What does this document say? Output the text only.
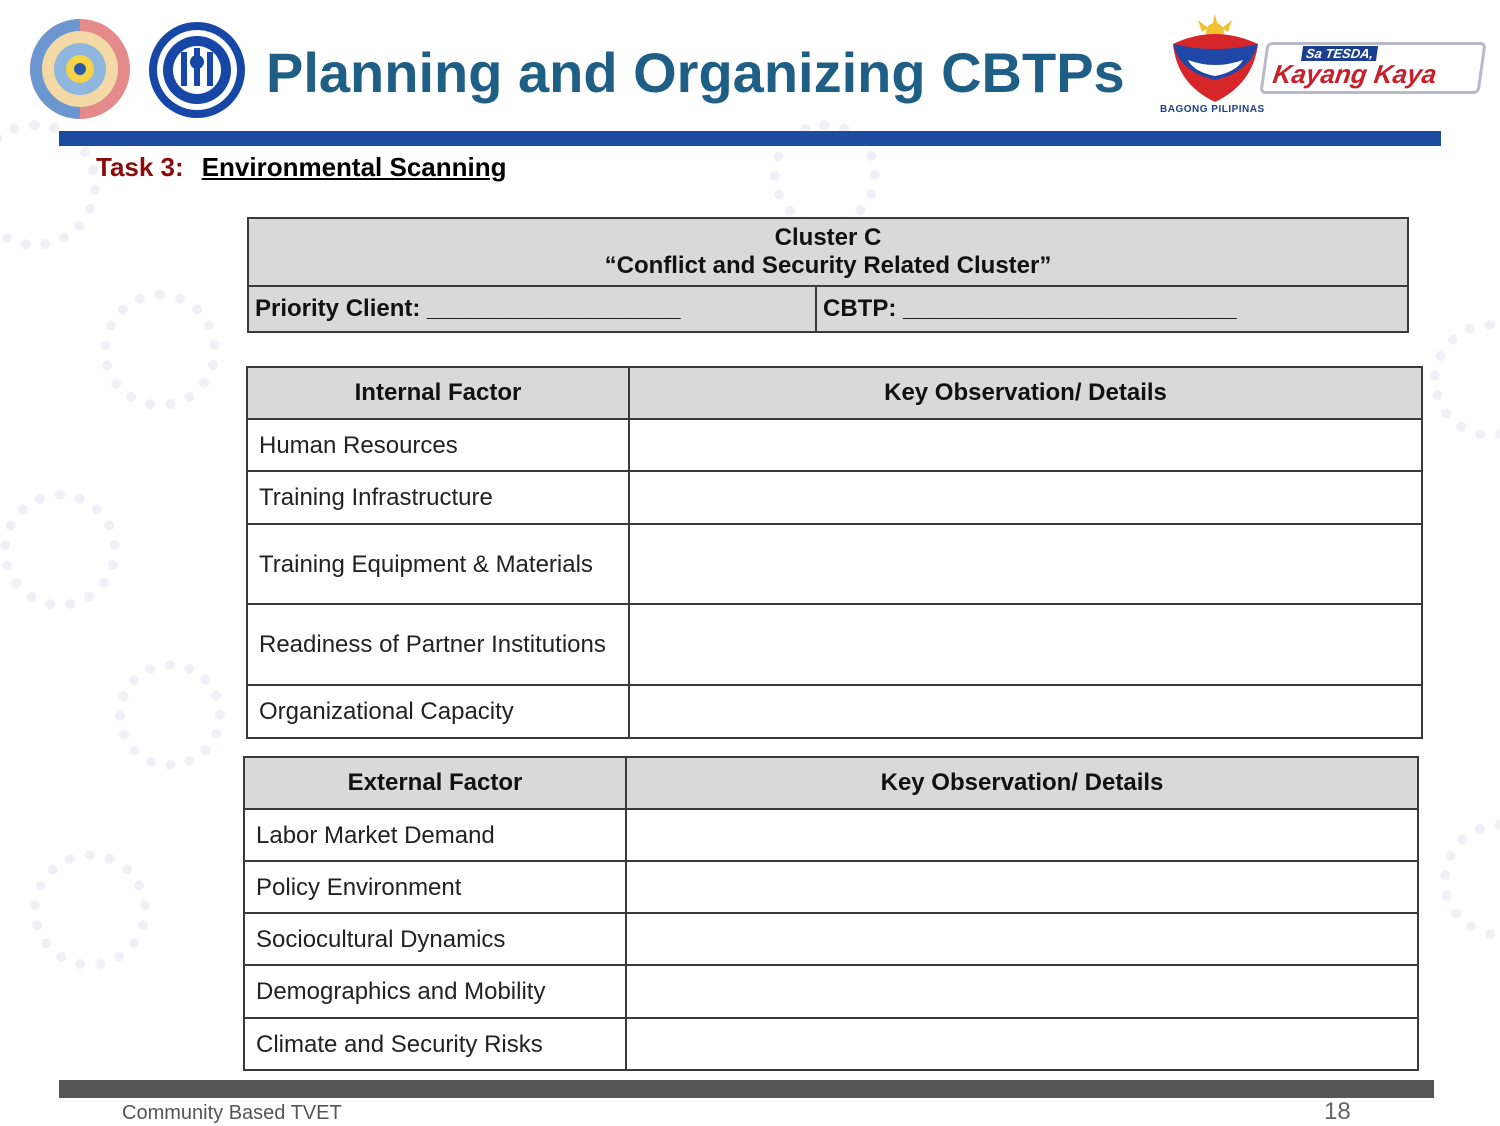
Planning and Organizing CBTPs
BAGONG PILIPINAS
Sa TESDA,
Kayang Kaya
Task 3: Environmental Scanning
Cluster C
“Conflict and Security Related Cluster”

Priority Client: ___________________	CBTP: _________________________
Internal Factor	Key Observation/ Details
Human Resources	
Training Infrastructure	
Training Equipment & Materials	
Readiness of Partner Institutions	
Organizational Capacity	
External Factor	Key Observation/ Details
Labor Market Demand	
Policy Environment	
Sociocultural Dynamics	
Demographics and Mobility	
Climate and Security Risks	
Community Based TVET	18
